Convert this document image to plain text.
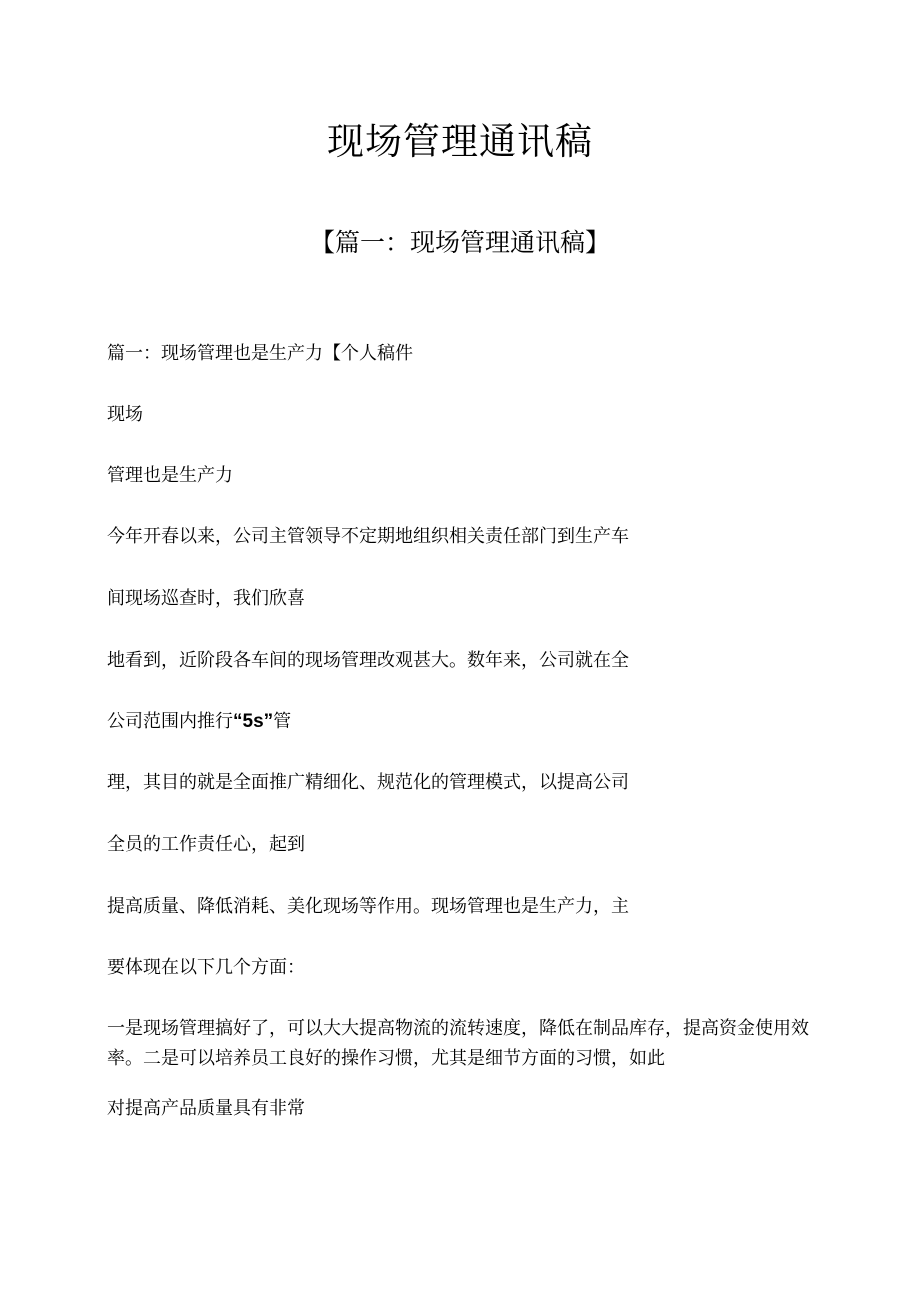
现场管理通讯稿
【篇一：现场管理通讯稿】

篇一：现场管理也是生产力【个人稿件

现场

管理也是生产力

今年开春以来，公司主管领导不定期地组织相关责任部门到生产车

间现场巡查时，我们欣喜

地看到，近阶段各车间的现场管理改观甚大。数年来，公司就在全

公司范围内推行“5s”管

理，其目的就是全面推广精细化、规范化的管理模式，以提高公司

全员的工作责任心，起到

提高质量、降低消耗、美化现场等作用。现场管理也是生产力，主

要体现在以下几个方面：

一是现场管理搞好了，可以大大提高物流的流转速度，降低在制品库存，提高资金使用效率。二是可以培养员工良好的操作习惯，尤其是细节方面的习惯，如此

对提高产品质量具有非常
